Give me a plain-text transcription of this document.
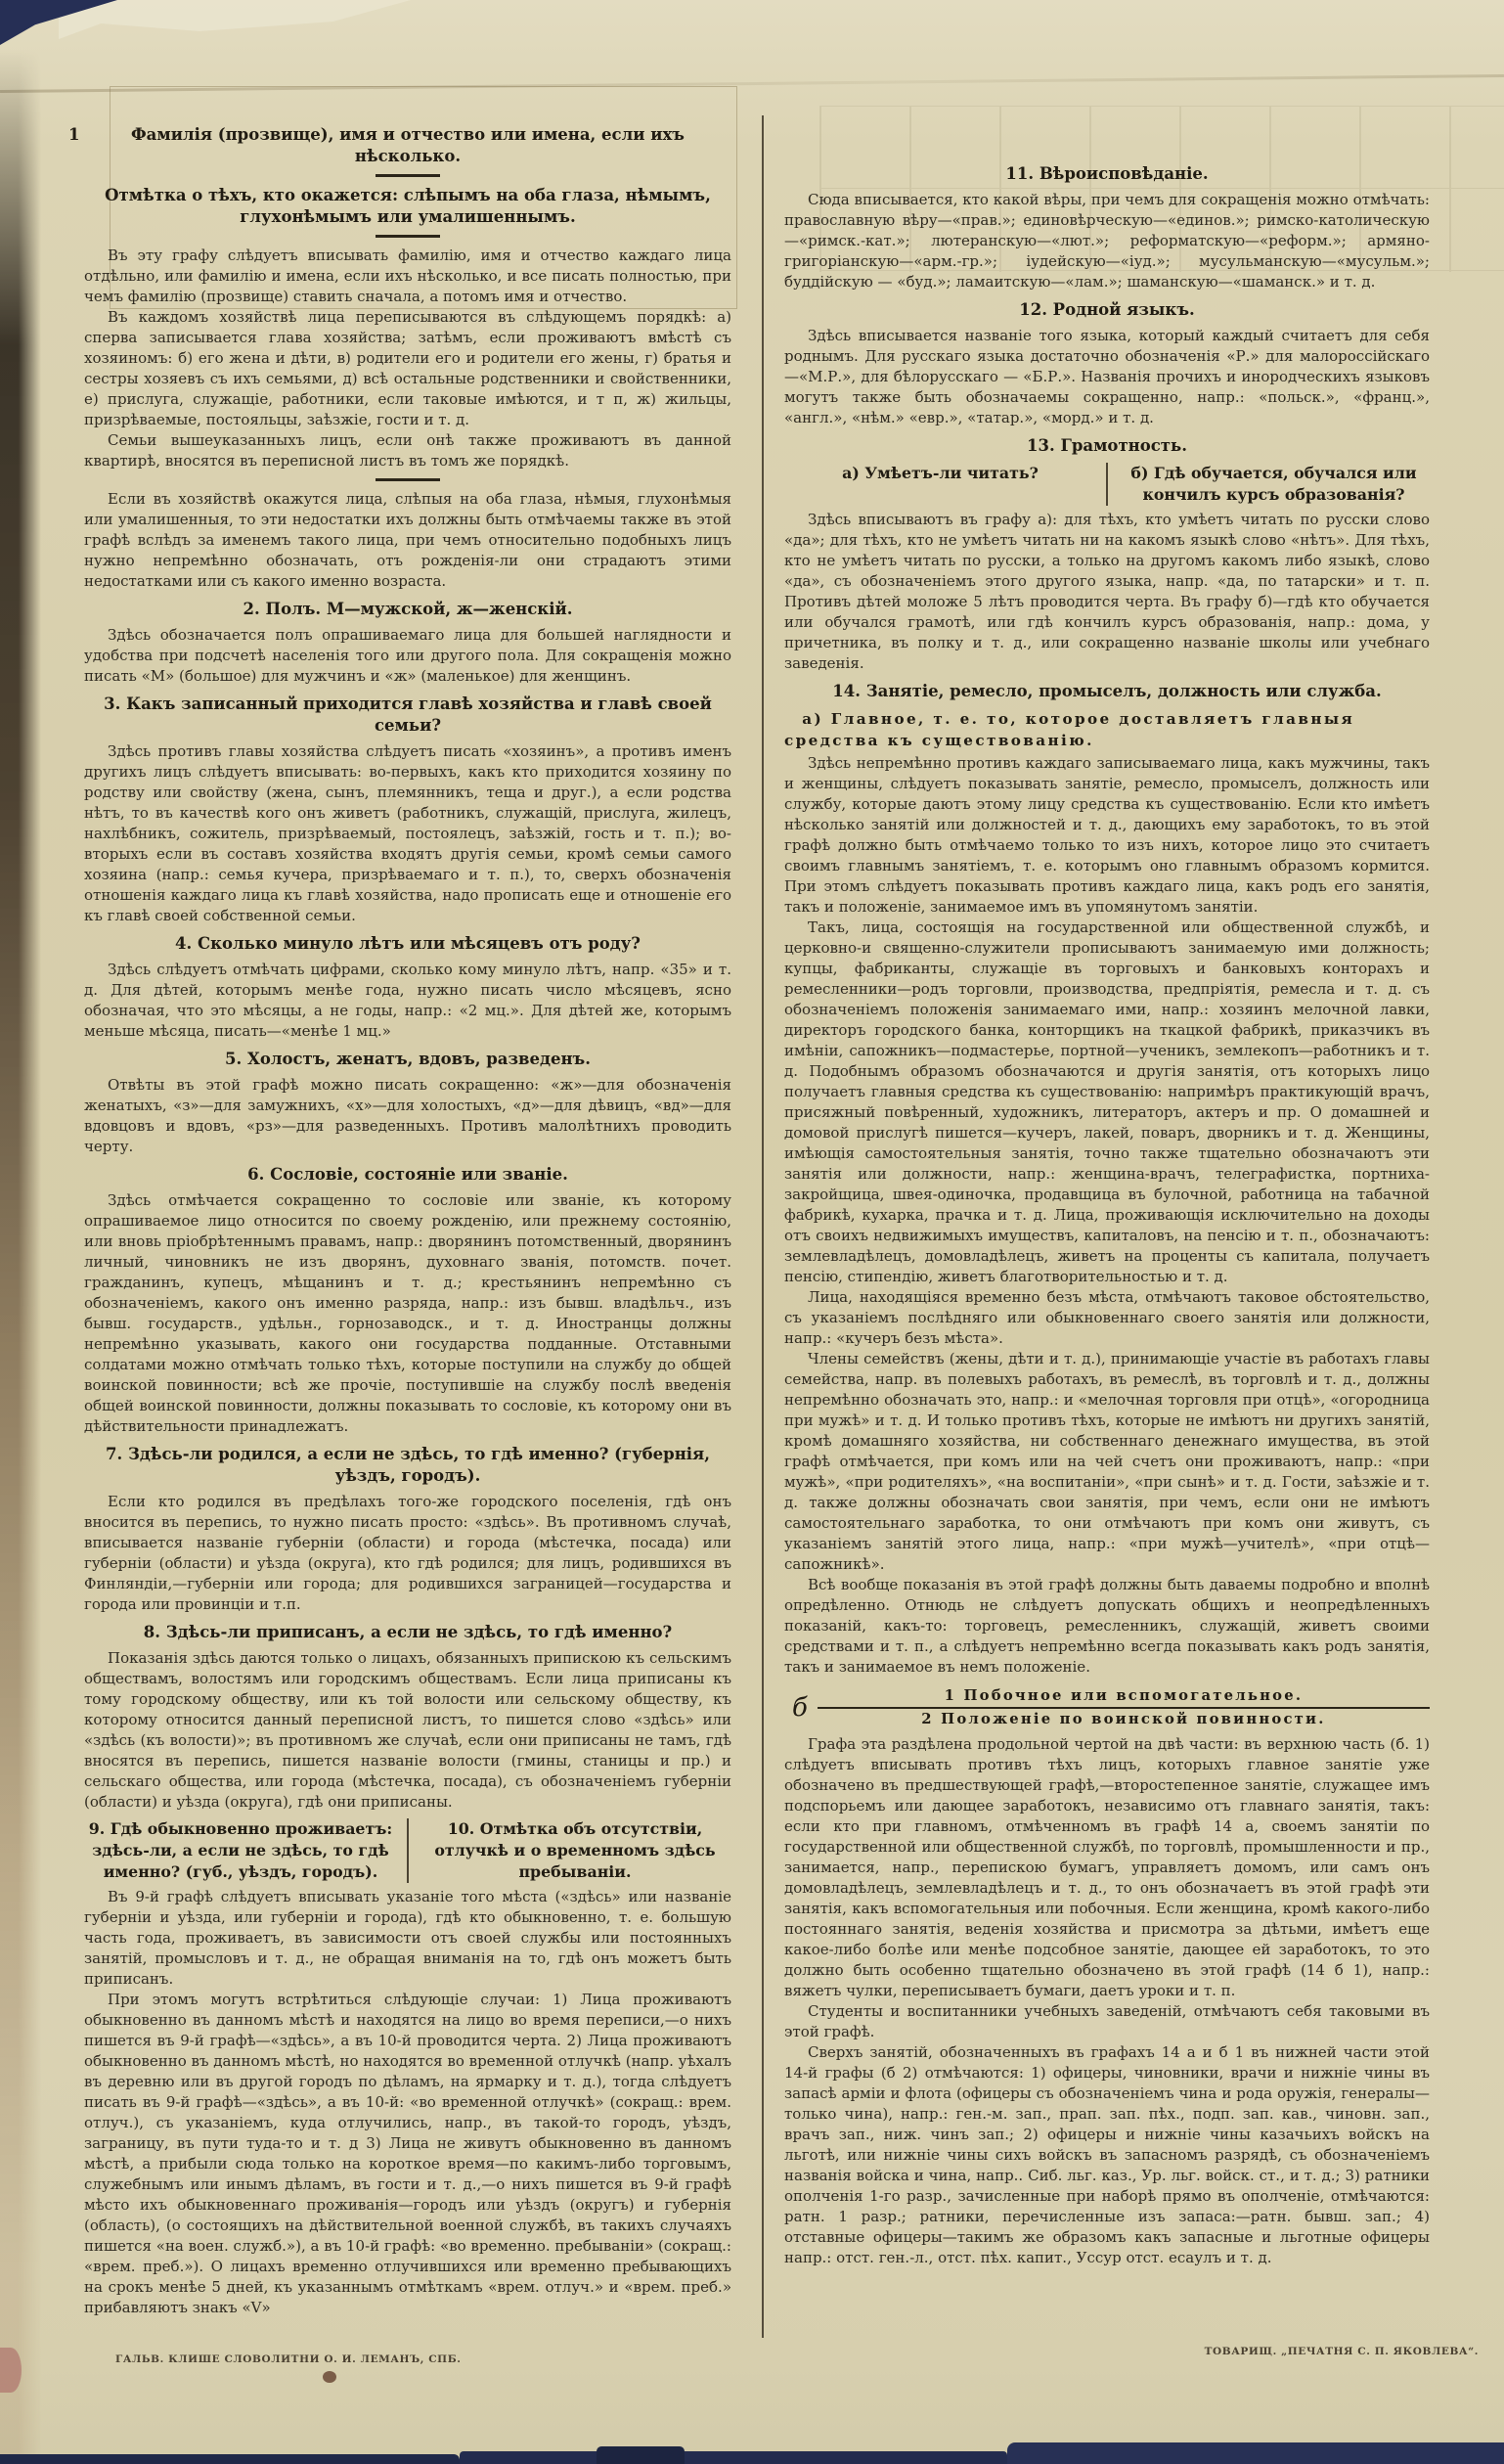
1	Фамилія (прозвище), имя и отчество или имена, если ихъ нѣсколько.
Отмѣтка о тѣхъ, кто окажется: слѣпымъ на оба глаза, нѣмымъ, глухонѣмымъ или умалишеннымъ.

Въ эту графу слѣдуетъ вписывать фамилію, имя и отчество каждаго лица отдѣльно, или фамилію и имена, если ихъ нѣсколько, и все писать полностью, при чемъ фамилію (прозвище) ставить сначала, а потомъ имя и отчество.

Въ каждомъ хозяйствѣ лица переписываются въ слѣдующемъ порядкѣ: а) сперва записывается глава хозяйства; затѣмъ, если проживаютъ вмѣстѣ съ хозяиномъ: б) его жена и дѣти, в) родители его и родители его жены, г) братья и сестры хозяевъ съ ихъ семьями, д) всѣ остальные родственники и свойственники, е) прислуга, служащіе, работники, если таковые имѣются, и т п, ж) жильцы, призрѣваемые, постояльцы, заѣзжіе, гости и т. д.

Семьи вышеуказанныхъ лицъ, если онѣ также проживаютъ въ данной квартирѣ, вносятся въ переписной листъ въ томъ же порядкѣ.

Если въ хозяйствѣ окажутся лица, слѣпыя на оба глаза, нѣмыя, глухонѣмыя или умалишенныя, то эти недостатки ихъ должны быть отмѣчаемы также въ этой графѣ вслѣдъ за именемъ такого лица, при чемъ относительно подобныхъ лицъ нужно непремѣнно обозначать, отъ рожденія-ли они страдаютъ этими недостатками или съ какого именно возраста.

2. Полъ. М—мужской, ж—женскій.

Здѣсь обозначается полъ опрашиваемаго лица для большей наглядности и удобства при подсчетѣ населенія того или другого пола. Для сокращенія можно писать «М» (большое) для мужчинъ и «ж» (маленькое) для женщинъ.

3. Какъ записанный приходится главѣ хозяйства и главѣ своей семьи?

Здѣсь противъ главы хозяйства слѣдуетъ писать «хозяинъ», а противъ именъ другихъ лицъ слѣдуетъ вписывать: во-первыхъ, какъ кто приходится хозяину по родству или свойству (жена, сынъ, племянникъ, теща и друг.), а если родства нѣтъ, то въ качествѣ кого онъ живетъ (работникъ, служащій, прислуга, жилецъ, нахлѣбникъ, сожитель, призрѣваемый, постоялецъ, заѣзжій, гость и т. п.); во-вторыхъ если въ составъ хозяйства входятъ другія семьи, кромѣ семьи самого хозяина (напр.: семья кучера, призрѣваемаго и т. п.), то, сверхъ обозначенія отношенія каждаго лица къ главѣ хозяйства, надо прописать еще и отношеніе его къ главѣ своей собственной семьи.

4. Сколько минуло лѣтъ или мѣсяцевъ отъ роду?

Здѣсь слѣдуетъ отмѣчать цифрами, сколько кому минуло лѣтъ, напр. «35» и т. д. Для дѣтей, которымъ менѣе года, нужно писать число мѣсяцевъ, ясно обозначая, что это мѣсяцы, а не годы, напр.: «2 мц.». Для дѣтей же, которымъ меньше мѣсяца, писать—«менѣе 1 мц.»

5. Холостъ, женатъ, вдовъ, разведенъ.

Отвѣты въ этой графѣ можно писать сокращенно: «ж»—для обозначенія женатыхъ, «з»—для замужнихъ, «х»—для холостыхъ, «д»—для дѣвицъ, «вд»—для вдовцовъ и вдовъ, «рз»—для разведенныхъ. Противъ малолѣтнихъ проводить черту.

6. Сословіе, состояніе или званіе.

Здѣсь отмѣчается сокращенно то сословіе или званіе, къ которому опрашиваемое лицо относится по своему рожденію, или прежнему состоянію, или вновь пріобрѣтеннымъ правамъ, напр.: дворянинъ потомственный, дворянинъ личный, чиновникъ не изъ дворянъ, духовнаго званія, потомств. почет. гражданинъ, купецъ, мѣщанинъ и т. д.; крестьянинъ непремѣнно съ обозначеніемъ, какого онъ именно разряда, напр.: изъ бывш. владѣльч., изъ бывш. государств., удѣльн., горнозаводск., и т. д. Иностранцы должны непремѣнно указывать, какого они государства подданные. Отставными солдатами можно отмѣчать только тѣхъ, которые поступили на службу до общей воинской повинности; всѣ же прочіе, поступившіе на службу послѣ введенія общей воинской повинности, должны показывать то сословіе, къ которому они въ дѣйствительности принадлежатъ.

7. Здѣсь-ли родился, а если не здѣсь, то гдѣ именно? (губернія, уѣздъ, городъ).

Если кто родился въ предѣлахъ того-же городского поселенія, гдѣ онъ вносится въ перепись, то нужно писать просто: «здѣсь». Въ противномъ случаѣ, вписывается названіе губерніи (области) и города (мѣстечка, посада) или губерніи (области) и уѣзда (округа), кто гдѣ родился; для лицъ, родившихся въ Финляндіи,—губерніи или города; для родившихся заграницей—государства и города или провинціи и т.п.

8. Здѣсь-ли приписанъ, а если не здѣсь, то гдѣ именно?

Показанія здѣсь даются только о лицахъ, обязанныхъ припискою къ сельскимъ обществамъ, волостямъ или городскимъ обществамъ. Если лица приписаны къ тому городскому обществу, или къ той волости или сельскому обществу, къ которому относится данный переписной листъ, то пишется слово «здѣсь» или «здѣсь (къ волости)»; въ противномъ же случаѣ, если они приписаны не тамъ, гдѣ вносятся въ перепись, пишется названіе волости (гмины, станицы и пр.) и сельскаго общества, или города (мѣстечка, посада), съ обозначеніемъ губерніи (области) и уѣзда (округа), гдѣ они приписаны.

9. Гдѣ обыкновенно проживаетъ: здѣсь-ли, а если не здѣсь, то гдѣ именно? (губ., уѣздъ, городъ).
10. Отмѣтка объ отсутствіи, отлучкѣ и о временномъ здѣсь пребываніи.

Въ 9-й графѣ слѣдуетъ вписывать указаніе того мѣста («здѣсь» или названіе губерніи и уѣзда, или губерніи и города), гдѣ кто обыкновенно, т. е. большую часть года, проживаетъ, въ зависимости отъ своей службы или постоянныхъ занятій, промысловъ и т. д., не обращая вниманія на то, гдѣ онъ можетъ быть приписанъ.

При этомъ могутъ встрѣтиться слѣдующіе случаи: 1) Лица проживаютъ обыкновенно въ данномъ мѣстѣ и находятся на лицо во время переписи,—о нихъ пишется въ 9-й графѣ—«здѣсь», а въ 10-й проводится черта. 2) Лица проживаютъ обыкновенно въ данномъ мѣстѣ, но находятся во временной отлучкѣ (напр. уѣхалъ въ деревню или въ другой городъ по дѣламъ, на ярмарку и т. д.), тогда слѣдуетъ писать въ 9-й графѣ—«здѣсь», а въ 10-й: «во временной отлучкѣ» (сокращ.: врем. отлуч.), съ указаніемъ, куда отлучились, напр., въ такой-то городъ, уѣздъ, заграницу, въ пути туда-то и т. д 3) Лица не живутъ обыкновенно въ данномъ мѣстѣ, а прибыли сюда только на короткое время—по какимъ-либо торговымъ, служебнымъ или инымъ дѣламъ, въ гости и т. д.,—о нихъ пишется въ 9-й графѣ мѣсто ихъ обыкновеннаго проживанія—городъ или уѣздъ (округъ) и губернія (область), (о состоящихъ на дѣйствительной военной службѣ, въ такихъ случаяхъ пишется «на воен. служб.»), а въ 10-й графѣ: «во временно. пребываніи» (сокращ.: «врем. преб.»). О лицахъ временно отлучившихся или временно пребывающихъ на срокъ менѣе 5 дней, къ указаннымъ отмѣткамъ «врем. отлуч.» и «врем. преб.» прибавляютъ знакъ «V»

11. Вѣроисповѣданіе.

Сюда вписывается, кто какой вѣры, при чемъ для сокращенія можно отмѣчать: православную вѣру—«прав.»; единовѣрческую—«единов.»; римско-католическую—«римск.-кат.»; лютеранскую—«лют.»; реформатскую—«реформ.»; армяно-григоріанскую—«арм.-гр.»; іудейскую—«іуд.»; мусульманскую—«мусульм.»; буддійскую — «буд.»; ламаитскую—«лам.»; шаманскую—«шаманск.» и т. д.

12. Родной языкъ.

Здѣсь вписывается названіе того языка, который каждый считаетъ для себя роднымъ. Для русскаго языка достаточно обозначенія «Р.» для малороссійскаго—«М.Р.», для бѣлорусскаго — «Б.Р.». Названія прочихъ и инородческихъ языковъ могутъ также быть обозначаемы сокращенно, напр.: «польск.», «франц.», «англ.», «нѣм.» «евр.», «татар.», «морд.» и т. д.

13. Грамотность.
а) Умѣетъ-ли читать?	б) Гдѣ обучается, обучался или кончилъ курсъ образованія?

Здѣсь вписываютъ въ графу а): для тѣхъ, кто умѣетъ читать по русски слово «да»; для тѣхъ, кто не умѣетъ читать ни на какомъ языкѣ слово «нѣтъ». Для тѣхъ, кто не умѣетъ читать по русски, а только на другомъ какомъ либо языкѣ, слово «да», съ обозначеніемъ этого другого языка, напр. «да, по татарски» и т. п. Противъ дѣтей моложе 5 лѣтъ проводится черта. Въ графу б)—гдѣ кто обучается или обучался грамотѣ, или гдѣ кончилъ курсъ образованія, напр.: дома, у причетника, въ полку и т. д., или сокращенно названіе школы или учебнаго заведенія.

14. Занятіе, ремесло, промыселъ, должность или служба.
а) Главное, т. е. то, которое доставляетъ главныя средства къ существованію.

Здѣсь непремѣнно противъ каждаго записываемаго лица, какъ мужчины, такъ и женщины, слѣдуетъ показывать занятіе, ремесло, промыселъ, должность или службу, которые даютъ этому лицу средства къ существованію. Если кто имѣетъ нѣсколько занятій или должностей и т. д., дающихъ ему заработокъ, то въ этой графѣ должно быть отмѣчаемо только то изъ нихъ, которое лицо это считаетъ своимъ главнымъ занятіемъ, т. е. которымъ оно главнымъ образомъ кормится. При этомъ слѣдуетъ показывать противъ каждаго лица, какъ родъ его занятія, такъ и положеніе, занимаемое имъ въ упомянутомъ занятіи.

Такъ, лица, состоящія на государственной или общественной службѣ, и церковно-и священно-служители прописываютъ занимаемую ими должность; купцы, фабриканты, служащіе въ торговыхъ и банковыхъ конторахъ и ремесленники—родъ торговли, производства, предпріятія, ремесла и т. д. съ обозначеніемъ положенія занимаемаго ими, напр.: хозяинъ мелочной лавки, директоръ городского банка, конторщикъ на ткацкой фабрикѣ, приказчикъ въ имѣніи, сапожникъ—подмастерье, портной—ученикъ, землекопъ—работникъ и т. д. Подобнымъ образомъ обозначаются и другія занятія, отъ которыхъ лицо получаетъ главныя средства къ существованію: напримѣръ практикующій врачъ, присяжный повѣренный, художникъ, литераторъ, актеръ и пр. О домашней и домовой прислугѣ пишется—кучеръ, лакей, поваръ, дворникъ и т. д. Женщины, имѣющія самостоятельныя занятія, точно также тщательно обозначаютъ эти занятія или должности, напр.: женщина-врачъ, телеграфистка, портниха-закройщица, швея-одиночка, продавщица въ булочной, работница на табачной фабрикѣ, кухарка, прачка и т. д. Лица, проживающія исключительно на доходы отъ своихъ недвижимыхъ имуществъ, капиталовъ, на пенсію и т. п., обозначаютъ: землевладѣлецъ, домовладѣлецъ, живетъ на проценты съ капитала, получаетъ пенсію, стипендію, живетъ благотворительностью и т. д.

Лица, находящіяся временно безъ мѣста, отмѣчаютъ таковое обстоятельство, съ указаніемъ послѣдняго или обыкновеннаго своего занятія или должности, напр.: «кучеръ безъ мѣста».

Члены семействъ (жены, дѣти и т. д.), принимающіе участіе въ работахъ главы семейства, напр. въ полевыхъ работахъ, въ ремеслѣ, въ торговлѣ и т. д., должны непремѣнно обозначать это, напр.: и «мелочная торговля при отцѣ», «огородница при мужѣ» и т. д. И только противъ тѣхъ, которые не имѣютъ ни другихъ занятій, кромѣ домашняго хозяйства, ни собственнаго денежнаго имущества, въ этой графѣ отмѣчается, при комъ или на чей счетъ они проживаютъ, напр.: «при мужѣ», «при родителяхъ», «на воспитаніи», «при сынѣ» и т. д. Гости, заѣзжіе и т. д. также должны обозначать свои занятія, при чемъ, если они не имѣютъ самостоятельнаго заработка, то они отмѣчаютъ при комъ они живутъ, съ указаніемъ занятій этого лица, напр.: «при мужѣ—учителѣ», «при отцѣ—сапожникѣ».

Всѣ вообще показанія въ этой графѣ должны быть даваемы подробно и вполнѣ опредѣленно. Отнюдь не слѣдуетъ допускать общихъ и неопредѣленныхъ показаній, какъ-то: торговецъ, ремесленникъ, служащій, живетъ своими средствами и т. п., а слѣдуетъ непремѣнно всегда показывать какъ родъ занятія, такъ и занимаемое въ немъ положеніе.

б	1 Побочное или вспомогательное.
2 Положеніе по воинской повинности.

Графа эта раздѣлена продольной чертой на двѣ части: въ верхнюю часть (б. 1) слѣдуетъ вписывать противъ тѣхъ лицъ, которыхъ главное занятіе уже обозначено въ предшествующей графѣ,—второстепенное занятіе, служащее имъ подспорьемъ или дающее заработокъ, независимо отъ главнаго занятія, такъ: если кто при главномъ, отмѣченномъ въ графѣ 14 а, своемъ занятіи по государственной или общественной службѣ, по торговлѣ, промышленности и пр., занимается, напр., перепискою бумагъ, управляетъ домомъ, или самъ онъ домовладѣлецъ, землевладѣлецъ и т. д., то онъ обозначаетъ въ этой графѣ эти занятія, какъ вспомогательныя или побочныя. Если женщина, кромѣ какого-либо постояннаго занятія, веденія хозяйства и присмотра за дѣтьми, имѣетъ еще какое-либо болѣе или менѣе подсобное занятіе, дающее ей заработокъ, то это должно быть особенно тщательно обозначено въ этой графѣ (14 б 1), напр.: вяжетъ чулки, переписываетъ бумаги, даетъ уроки и т. п.

Студенты и воспитанники учебныхъ заведеній, отмѣчаютъ себя таковыми въ этой графѣ.

Сверхъ занятій, обозначенныхъ въ графахъ 14 а и б 1 въ нижней части этой 14-й графы (б 2) отмѣчаются: 1) офицеры, чиновники, врачи и нижніе чины въ запасѣ арміи и флота (офицеры съ обозначеніемъ чина и рода оружія, генералы—только чина), напр.: ген.-м. зап., прап. зап. пѣх., подп. зап. кав., чиновн. зап., врачъ зап., ниж. чинъ зап.; 2) офицеры и нижніе чины казачьихъ войскъ на льготѣ, или нижніе чины сихъ войскъ въ запасномъ разрядѣ, съ обозначеніемъ названія войска и чина, напр.. Сиб. льг. каз., Ур. льг. войск. ст., и т. д.; 3) ратники ополченія 1-го разр., зачисленные при наборѣ прямо въ ополченіе, отмѣчаются: ратн. 1 разр.; ратники, перечисленные изъ запаса:—ратн. бывш. зап.; 4) отставные офицеры—такимъ же образомъ какъ запасные и льготные офицеры напр.: отст. ген.-л., отст. пѣх. капит., Уссур отст. есаулъ и т. д.

ГАЛЬВ. КЛИШЕ СЛОВОЛИТНИ О. И. ЛЕМАНЪ, СПБ.
ТОВАРИЩ. „ПЕЧАТНЯ С. П. ЯКОВЛЕВА“.
